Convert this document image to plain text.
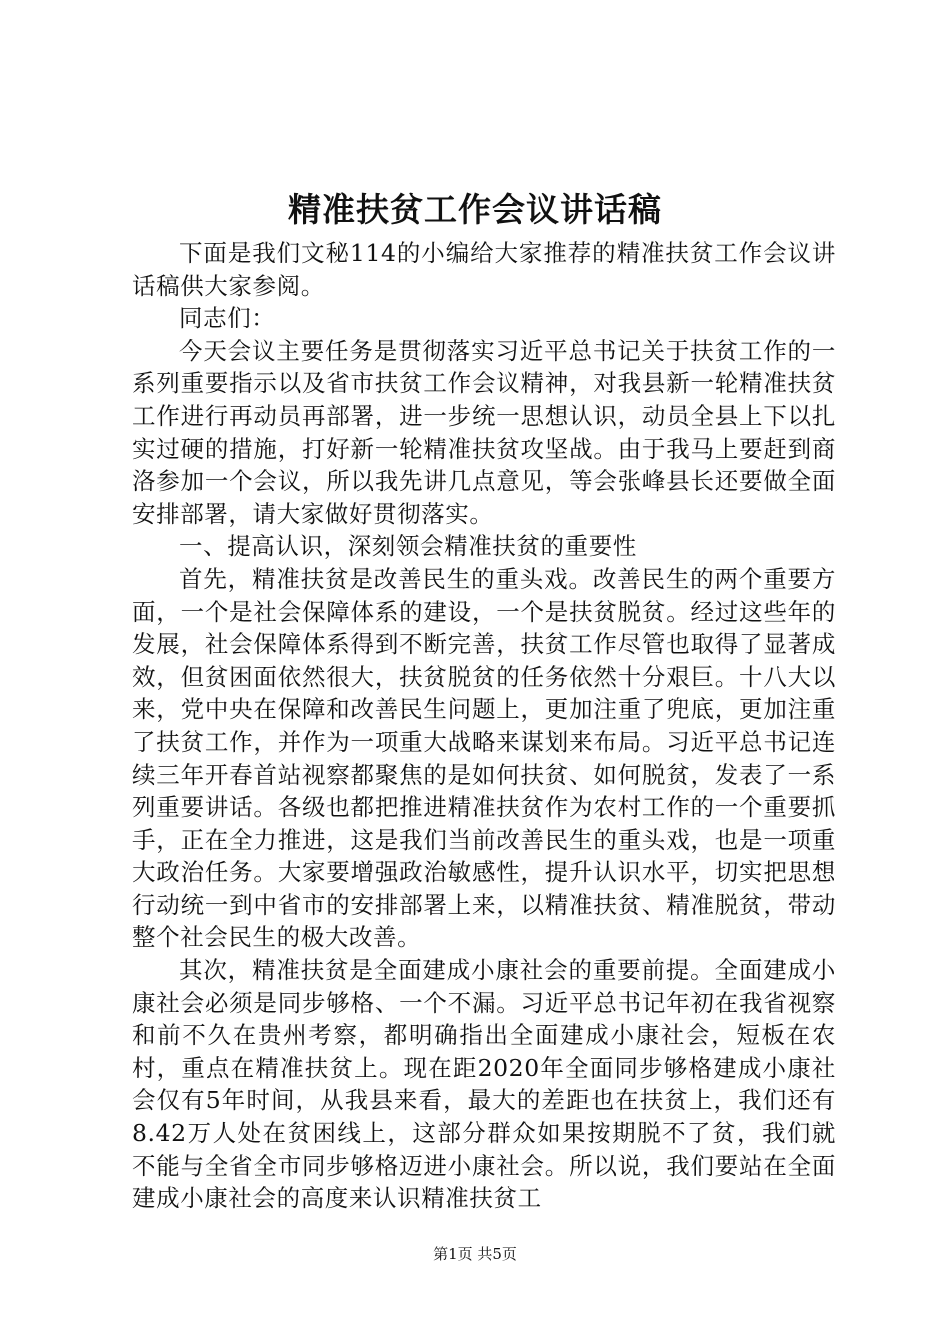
精准扶贫工作会议讲话稿

下面是我们文秘114的小编给大家推荐的精准扶贫工作会议讲话稿供大家参阅。

同志们：

今天会议主要任务是贯彻落实习近平总书记关于扶贫工作的一系列重要指示以及省市扶贫工作会议精神，对我县新一轮精准扶贫工作进行再动员再部署，进一步统一思想认识，动员全县上下以扎实过硬的措施，打好新一轮精准扶贫攻坚战。由于我马上要赶到商洛参加一个会议，所以我先讲几点意见，等会张峰县长还要做全面安排部署，请大家做好贯彻落实。

一、提高认识，深刻领会精准扶贫的重要性

首先，精准扶贫是改善民生的重头戏。改善民生的两个重要方面，一个是社会保障体系的建设，一个是扶贫脱贫。经过这些年的发展，社会保障体系得到不断完善，扶贫工作尽管也取得了显著成效，但贫困面依然很大，扶贫脱贫的任务依然十分艰巨。十八大以来，党中央在保障和改善民生问题上，更加注重了兜底，更加注重了扶贫工作，并作为一项重大战略来谋划来布局。习近平总书记连续三年开春首站视察都聚焦的是如何扶贫、如何脱贫，发表了一系列重要讲话。各级也都把推进精准扶贫作为农村工作的一个重要抓手，正在全力推进，这是我们当前改善民生的重头戏，也是一项重大政治任务。大家要增强政治敏感性，提升认识水平，切实把思想行动统一到中省市的安排部署上来，以精准扶贫、精准脱贫，带动整个社会民生的极大改善。

其次，精准扶贫是全面建成小康社会的重要前提。全面建成小康社会必须是同步够格、一个不漏。习近平总书记年初在我省视察和前不久在贵州考察，都明确指出全面建成小康社会，短板在农村，重点在精准扶贫上。现在距2020年全面同步够格建成小康社会仅有5年时间，从我县来看，最大的差距也在扶贫上，我们还有8.42万人处在贫困线上，这部分群众如果按期脱不了贫，我们就不能与全省全市同步够格迈进小康社会。所以说，我们要站在全面建成小康社会的高度来认识精准扶贫工

第1页 共5页
